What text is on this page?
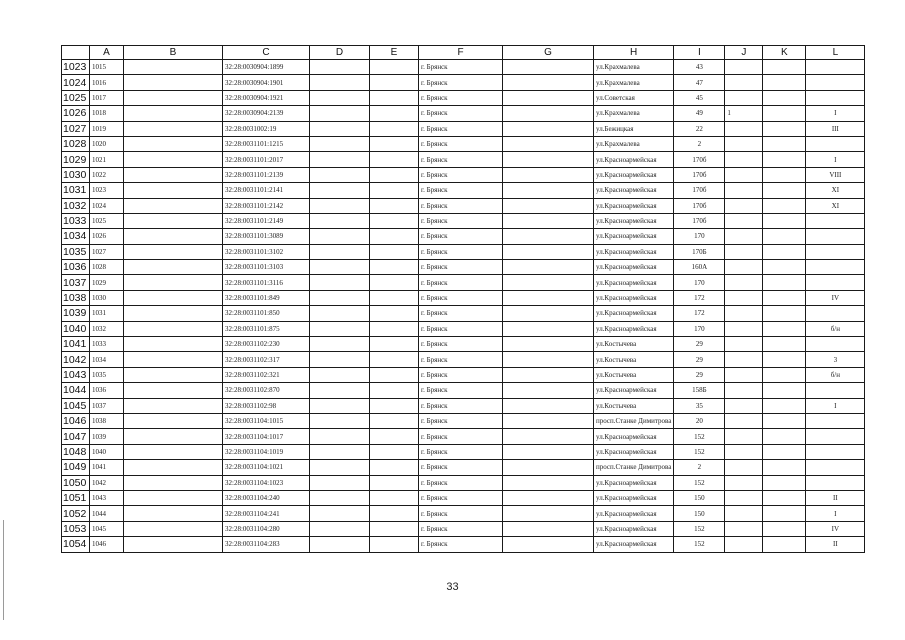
	A	B	C	D	E	F	G	H	I	J	K	L
1023	1015		32:28:0030904:1899			г. Брянск		ул.Крахмалева	43			
1024	1016		32:28:0030904:1901			г. Брянск		ул.Крахмалева	47			
1025	1017		32:28:0030904:1921			г. Брянск		ул.Советская	45			
1026	1018		32:28:0030904:2139			г. Брянск		ул.Крахмалева	49	1		I
1027	1019		32:28:0031002:19			г. Брянск		ул.Бежицкая	22			III
1028	1020		32:28:0031101:1215			г. Брянск		ул.Крахмалева	2			
1029	1021		32:28:0031101:2017			г. Брянск		ул.Красноармейская	170б			I
1030	1022		32:28:0031101:2139			г. Брянск		ул.Красноармейская	170б			VIII
1031	1023		32:28:0031101:2141			г. Брянск		ул.Красноармейская	170б			XI
1032	1024		32:28:0031101:2142			г. Брянск		ул.Красноармейская	170б			XI
1033	1025		32:28:0031101:2149			г. Брянск		ул.Красноармейская	170б			
1034	1026		32:28:0031101:3089			г. Брянск		ул.Красноармейская	170			
1035	1027		32:28:0031101:3102			г. Брянск		ул.Красноармейская	170Б			
1036	1028		32:28:0031101:3103			г. Брянск		ул.Красноармейская	160А			
1037	1029		32:28:0031101:3116			г. Брянск		ул.Красноармейская	170			
1038	1030		32:28:0031101:849			г. Брянск		ул.Красноармейская	172			IV
1039	1031		32:28:0031101:850			г. Брянск		ул.Красноармейская	172			
1040	1032		32:28:0031101:875			г. Брянск		ул.Красноармейская	170			б/н
1041	1033		32:28:0031102:230			г. Брянск		ул.Костычева	29			
1042	1034		32:28:0031102:317			г. Брянск		ул.Костычева	29			3
1043	1035		32:28:0031102:321			г. Брянск		ул.Костычева	29			б/н
1044	1036		32:28:0031102:870			г. Брянск		ул.Красноармейская	158Б			
1045	1037		32:28:0031102:98			г. Брянск		ул.Костычева	35			I
1046	1038		32:28:0031104:1015			г. Брянск		просп.Станке Димитрова	20			
1047	1039		32:28:0031104:1017			г. Брянск		ул.Красноармейская	152			
1048	1040		32:28:0031104:1019			г. Брянск		ул.Красноармейская	152			
1049	1041		32:28:0031104:1021			г. Брянск		просп.Станке Димитрова	2			
1050	1042		32:28:0031104:1023			г. Брянск		ул.Красноармейская	152			
1051	1043		32:28:0031104:240			г. Брянск		ул.Красноармейская	150			II
1052	1044		32:28:0031104:241			г. Брянск		ул.Красноармейская	150			I
1053	1045		32:28:0031104:280			г. Брянск		ул.Красноармейская	152			IV
1054	1046		32:28:0031104:283			г. Брянск		ул.Красноармейская	152			II
33
